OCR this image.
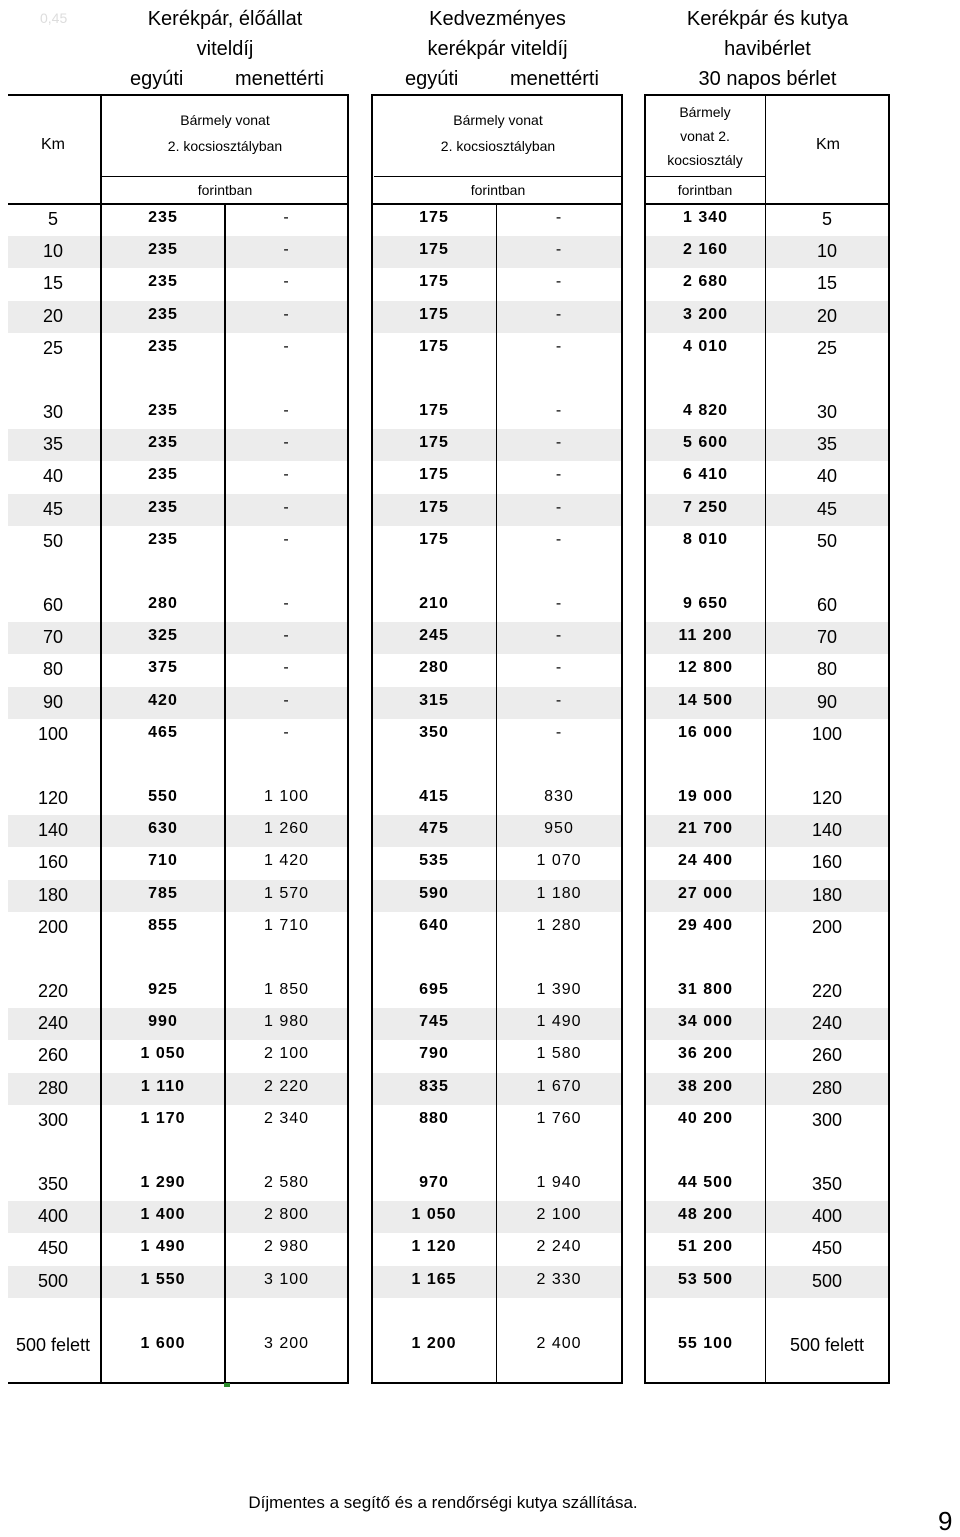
0,45	Kerékpár, élőállat
viteldíj
egyúti	menettérti
Kedvezményes
kerékpár viteldíj
egyúti	menettérti
Kerékpár és kutya
havibérlet
30 napos bérlet
Km
Bármely vonat
2. kocsiosztályban
Bármely vonat
2. kocsiosztályban
Bármely
vonat 2.
kocsiosztály
Km
forintban	forintban	forintban
5	235	-	175	-	1 340	5
10	235	-	175	-	2 160	10
15	235	-	175	-	2 680	15
20	235	-	175	-	3 200	20
25	235	-	175	-	4 010	25
30	235	-	175	-	4 820	30
35	235	-	175	-	5 600	35
40	235	-	175	-	6 410	40
45	235	-	175	-	7 250	45
50	235	-	175	-	8 010	50
60	280	-	210	-	9 650	60
70	325	-	245	-	11 200	70
80	375	-	280	-	12 800	80
90	420	-	315	-	14 500	90
100	465	-	350	-	16 000	100
120	550	1 100	415	830	19 000	120
140	630	1 260	475	950	21 700	140
160	710	1 420	535	1 070	24 400	160
180	785	1 570	590	1 180	27 000	180
200	855	1 710	640	1 280	29 400	200
220	925	1 850	695	1 390	31 800	220
240	990	1 980	745	1 490	34 000	240
260	1 050	2 100	790	1 580	36 200	260
280	1 110	2 220	835	1 670	38 200	280
300	1 170	2 340	880	1 760	40 200	300
350	1 290	2 580	970	1 940	44 500	350
400	1 400	2 800	1 050	2 100	48 200	400
450	1 490	2 980	1 120	2 240	51 200	450
500	1 550	3 100	1 165	2 330	53 500	500
500 felett	1 600	3 200	1 200	2 400	55 100	500 felett
Díjmentes a segítő és a rendőrségi kutya szállítása.
9
